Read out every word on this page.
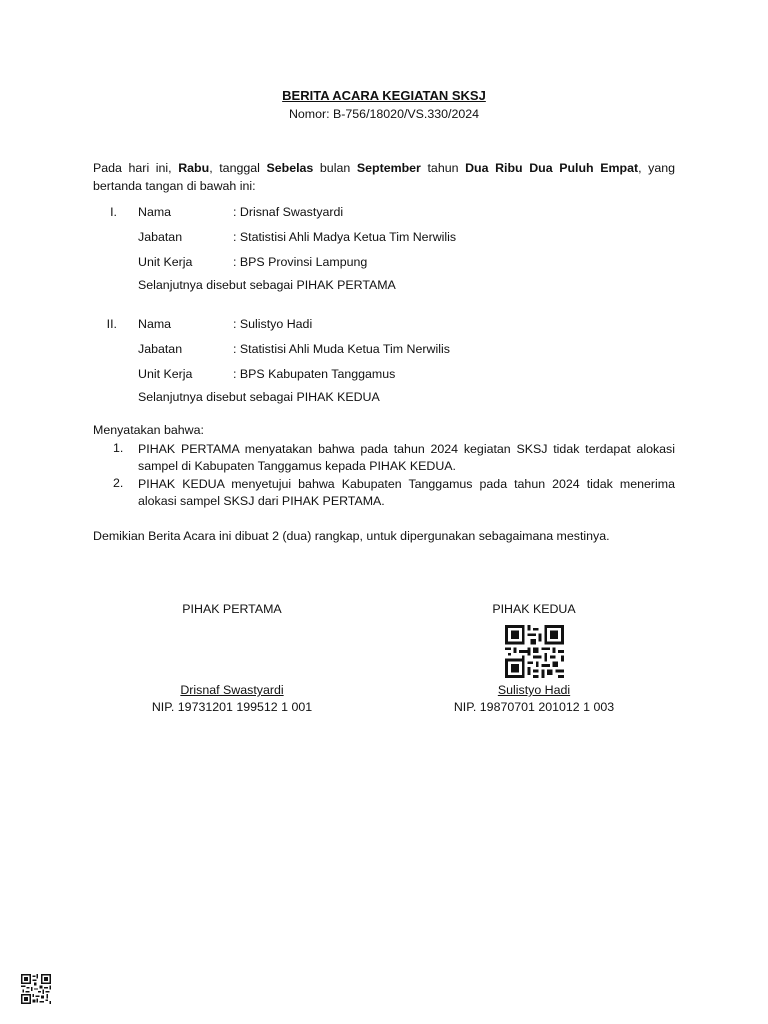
BERITA ACARA KEGIATAN SKSJ
Nomor: B-756/18020/VS.330/2024
Pada hari ini, Rabu, tanggal Sebelas bulan September tahun Dua Ribu Dua Puluh Empat, yang bertanda tangan di bawah ini:
I. Nama	: Drisnaf Swastyardi
Jabatan	: Statistisi Ahli Madya Ketua Tim Nerwilis
Unit Kerja	: BPS Provinsi Lampung
Selanjutnya disebut sebagai PIHAK PERTAMA
II. Nama	: Sulistyo Hadi
Jabatan	: Statistisi Ahli Muda Ketua Tim Nerwilis
Unit Kerja	: BPS Kabupaten Tanggamus
Selanjutnya disebut sebagai PIHAK KEDUA
Menyatakan bahwa:
1. PIHAK PERTAMA menyatakan bahwa pada tahun 2024 kegiatan SKSJ tidak terdapat alokasi sampel di Kabupaten Tanggamus kepada PIHAK KEDUA.
2. PIHAK KEDUA menyetujui bahwa Kabupaten Tanggamus pada tahun 2024 tidak menerima alokasi sampel SKSJ dari PIHAK PERTAMA.
Demikian Berita Acara ini dibuat 2 (dua) rangkap, untuk dipergunakan sebagaimana mestinya.
PIHAK PERTAMA
Drisnaf Swastyardi
NIP. 19731201 199512 1 001
PIHAK KEDUA
Sulistyo Hadi
NIP. 19870701 201012 1 003
